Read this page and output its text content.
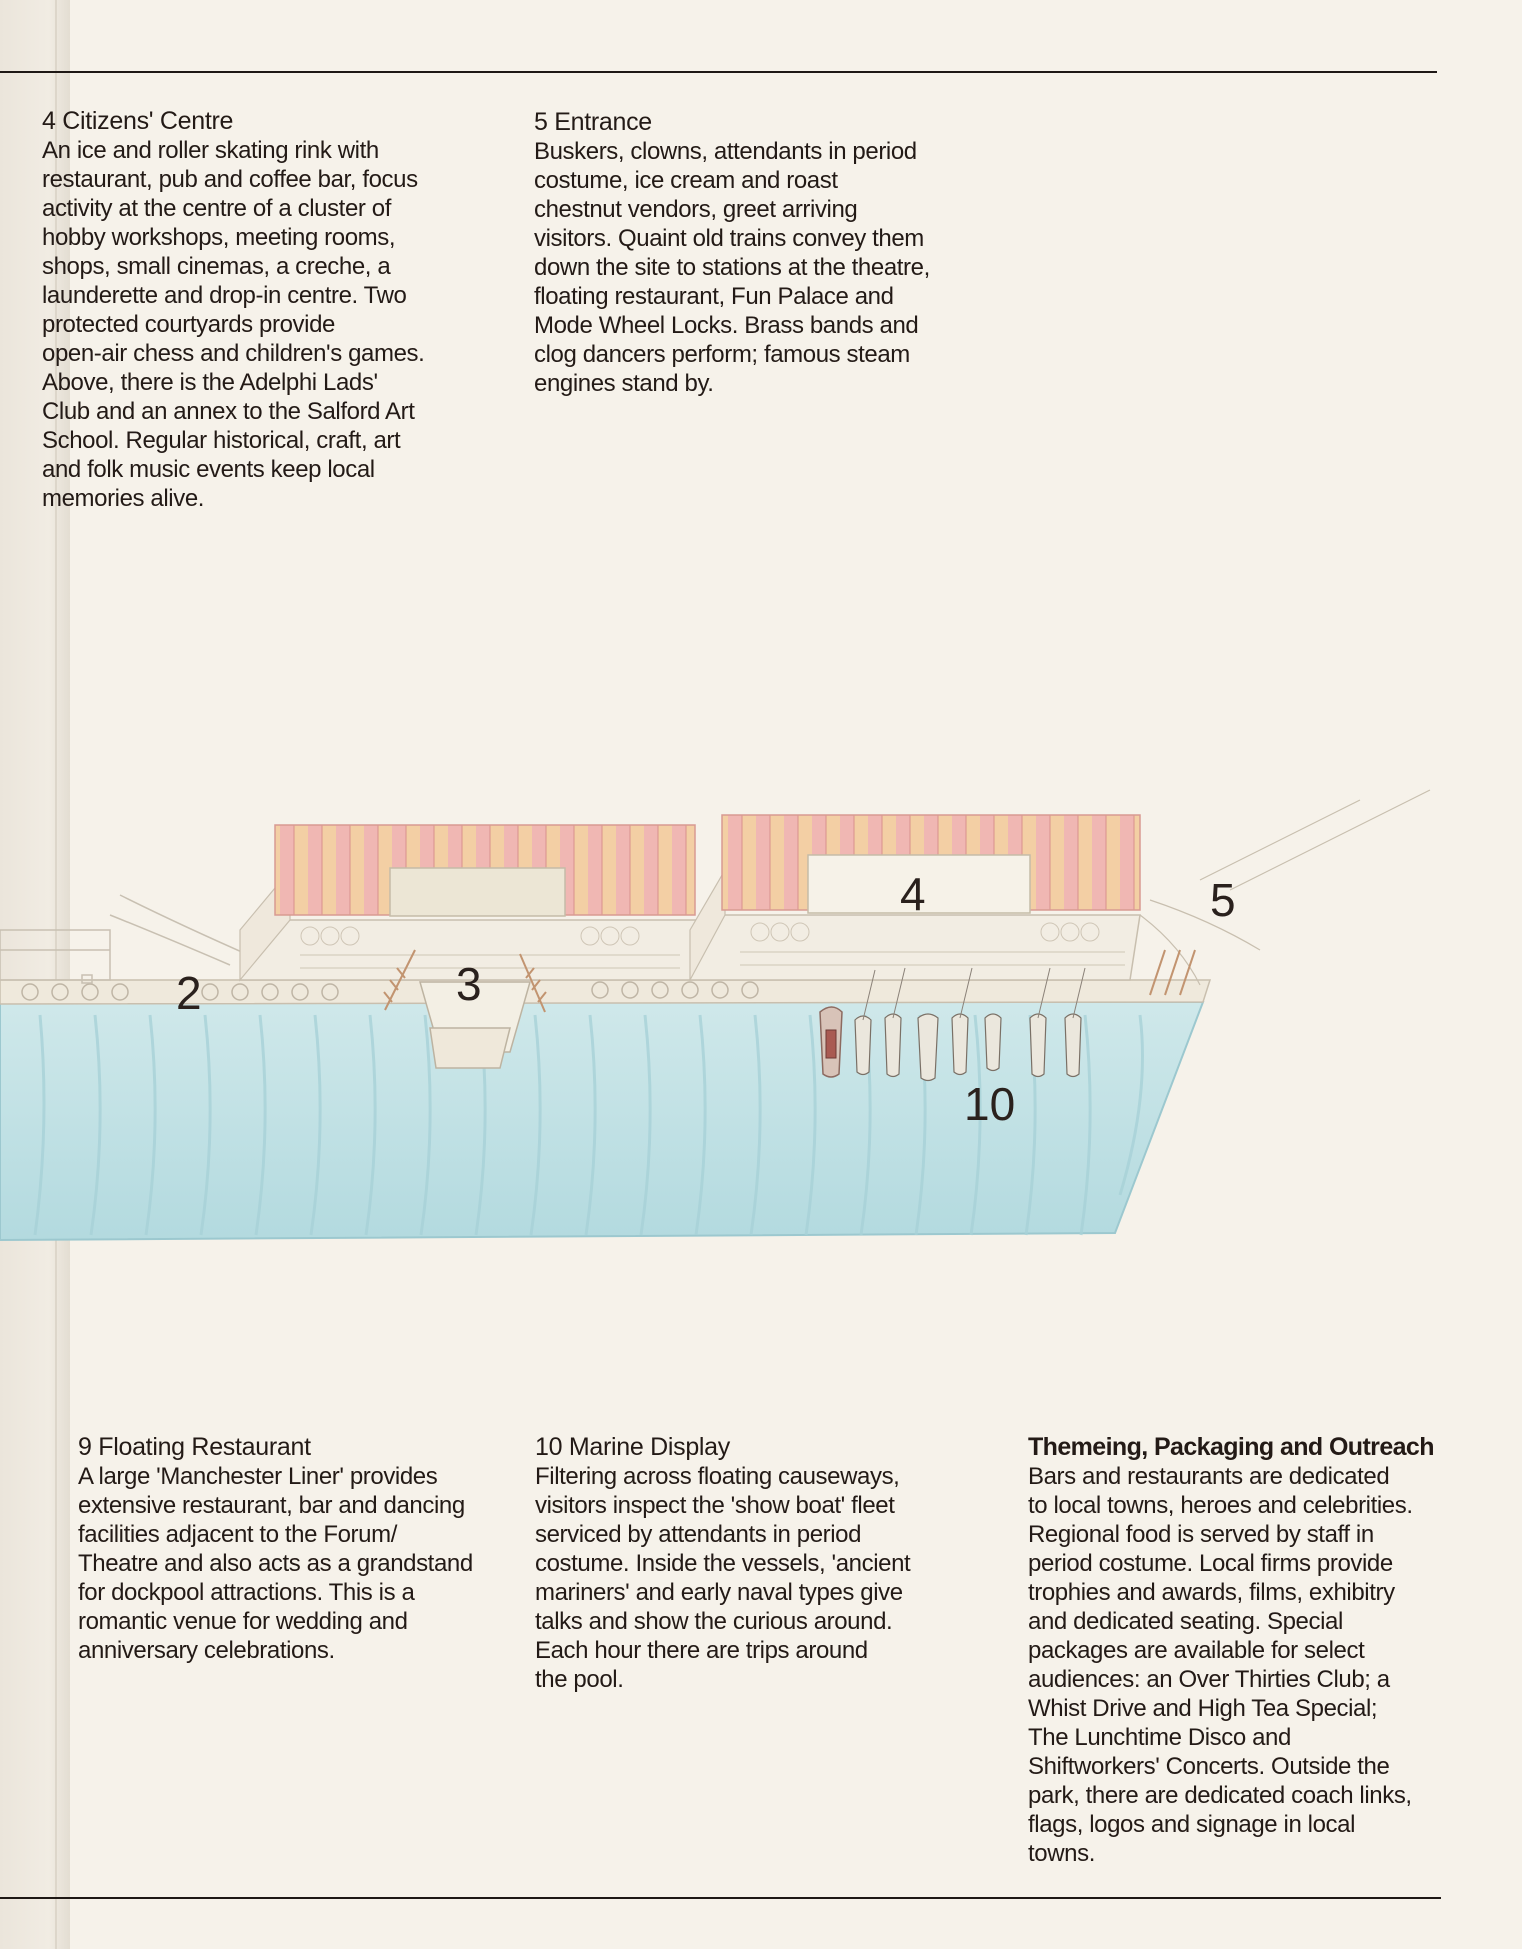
4 Citizens' Centre

An ice and roller skating rink with
restaurant, pub and coffee bar, focus
activity at the centre of a cluster of
hobby workshops, meeting rooms,
shops, small cinemas, a creche, a
launderette and drop-in centre. Two
protected courtyards provide
open-air chess and children's games.
Above, there is the Adelphi Lads'
Club and an annex to the Salford Art
School. Regular historical, craft, art
and folk music events keep local
memories alive.

5 Entrance

Buskers, clowns, attendants in period
costume, ice cream and roast
chestnut vendors, greet arriving
visitors. Quaint old trains convey them
down the site to stations at the theatre,
floating restaurant, Fun Palace and
Mode Wheel Locks. Brass bands and
clog dancers perform; famous steam
engines stand by.

2	3
4	5
10
9 Floating Restaurant

A large 'Manchester Liner' provides
extensive restaurant, bar and dancing
facilities adjacent to the Forum/
Theatre and also acts as a grandstand
for dockpool attractions. This is a
romantic venue for wedding and
anniversary celebrations.

10 Marine Display

Filtering across floating causeways,
visitors inspect the 'show boat' fleet
serviced by attendants in period
costume. Inside the vessels, 'ancient
mariners' and early naval types give
talks and show the curious around.
Each hour there are trips around
the pool.

Themeing, Packaging and Outreach

Bars and restaurants are dedicated
to local towns, heroes and celebrities.
Regional food is served by staff in
period costume. Local firms provide
trophies and awards, films, exhibitry
and dedicated seating. Special
packages are available for select
audiences: an Over Thirties Club; a
Whist Drive and High Tea Special;
The Lunchtime Disco and
Shiftworkers' Concerts. Outside the
park, there are dedicated coach links,
flags, logos and signage in local
towns.
